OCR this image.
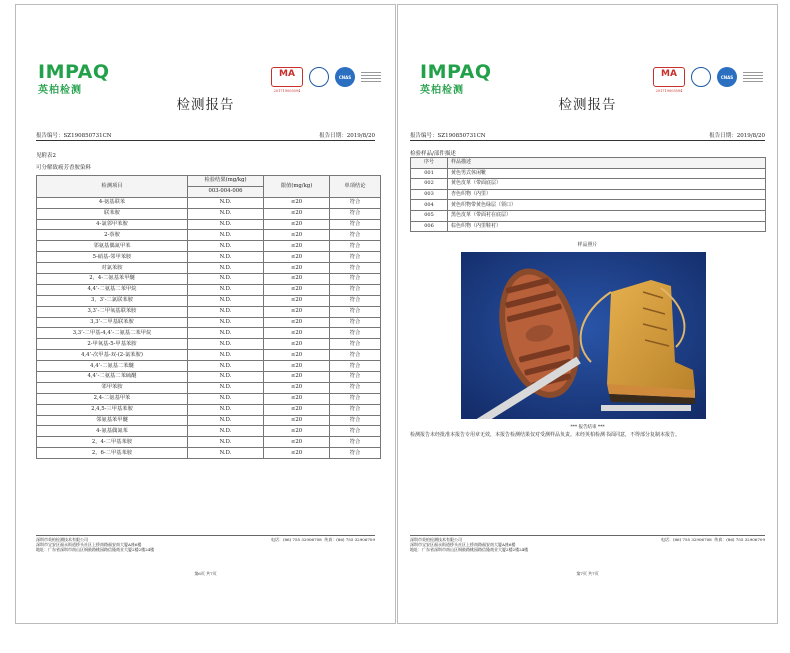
IMPAQ
英柏检测
MA
201719005594
CNAS
检测报告
报告编号：SZ190850731CN	报告日期：2019/8/20
见附表2
可分解致癌芳香胺染料
检测项目	检验结果(mg/kg)	限值(mg/kg)	单项结论
	003-004-006		
4-氨基联苯	N.D.	≤20	符合
联苯胺	N.D.	≤20	符合
4-氯邻甲苯胺	N.D.	≤20	符合
2-萘胺	N.D.	≤20	符合
邻氨基偶氮甲苯	N.D.	≤20	符合
5-硝基-邻甲苯胺	N.D.	≤20	符合
对氯苯胺	N.D.	≤20	符合
2，4-二氨基苯甲醚	N.D.	≤20	符合
4,4’-二氨基二苯甲烷	N.D.	≤20	符合
3，3’-二氯联苯胺	N.D.	≤20	符合
3,3’-二甲氧基联苯胺	N.D.	≤20	符合
3,3’-二甲基联苯胺	N.D.	≤20	符合
3,3’-二甲基-4,4’-二氨基二苯甲烷	N.D.	≤20	符合
2-甲氧基-5-甲基苯胺	N.D.	≤20	符合
4,4’-次甲基-双-(2-氯苯胺)	N.D.	≤20	符合
4,4’-二氨基二苯醚	N.D.	≤20	符合
4,4’-二氨基二苯硫醚	N.D.	≤20	符合
邻甲苯胺	N.D.	≤20	符合
2,4-二氨基甲苯	N.D.	≤20	符合
2,4,5-三甲基苯胺	N.D.	≤20	符合
邻氨基苯甲醚	N.D.	≤20	符合
4-氨基偶氮苯	N.D.	≤20	符合
2，4-二甲基苯胺	N.D.	≤20	符合
2，6-二甲基苯胺	N.D.	≤20	符合
深圳市英柏检测技术有限公司	电话：(86) 755 32906708 传真：(86) 755 32906709
深圳市宝安区福永街道桥头社区上桥南路福安南大厦A座6楼
地址：广东省深圳市南山区铜鼓路桃园路信隆商业大厦2楼2楼24楼
第6页 共7页
IMPAQ
英柏检测
MA
201719005594
CNAS
检测报告
报告编号：SZ190850731CN	报告日期：2019/8/20
检验样品/部件描述
序号	样品描述
001	黄色男式休闲靴
002	黄色皮革（带面底层）
003	杏色织物（内里）
004	黄色织物带黄色绿层（领口）
005	黑色皮革（带面衬在底层）
006	棕色织物（内里鞋衬）
样品照片
*** 报告结束 ***
检测报告未经批准本报告专用章无效，本报告检测结果仅对受测样品负责。未经英柏检测书面同意，不得部分复制本报告。
深圳市英柏检测技术有限公司	电话：(86) 755 32906708 传真：(86) 755 32906709
深圳市宝安区福永街道桥头社区上桥南路福安南大厦A座6楼
地址：广东省深圳市南山区铜鼓路桃园路信隆商业大厦2楼2楼24楼
第7页 共7页
